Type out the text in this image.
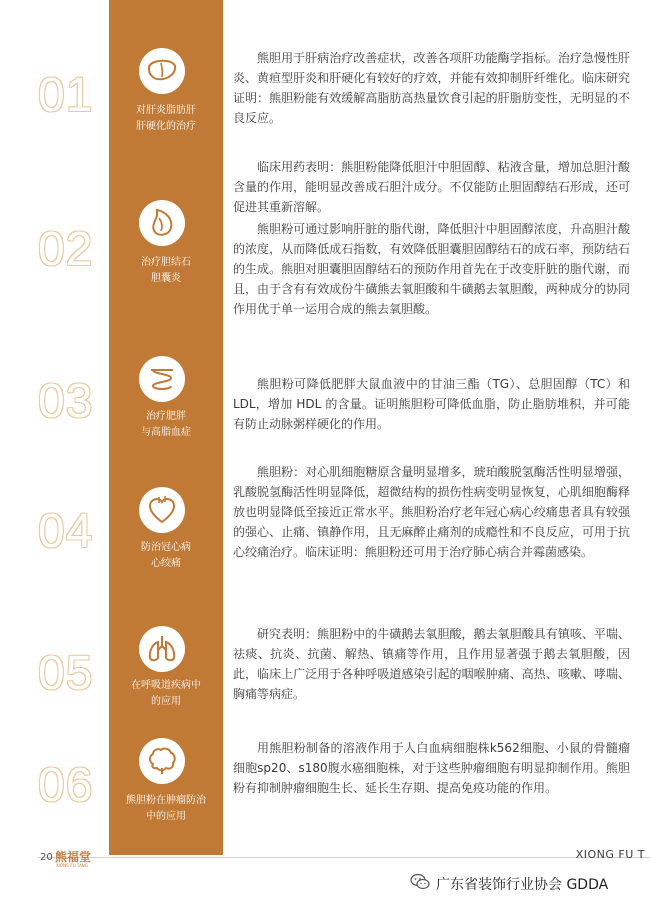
01	对肝炎脂肪肝
肝硬化的治疗

熊胆用于肝病治疗改善症状，改善各项肝功能酶学指标。治疗急慢性肝炎、黄疸型肝炎和肝硬化有较好的疗效，并能有效抑制肝纤维化。临床研究证明：熊胆粉能有效缓解高脂肪高热量饮食引起的肝脂肪变性，无明显的不良反应。

02	治疗胆结石
胆囊炎

临床用药表明：熊胆粉能降低胆汁中胆固醇、粘液含量，增加总胆汁酸含量的作用，能明显改善成石胆汁成分。不仅能防止胆固醇结石形成，还可促进其重新溶解。

熊胆粉可通过影响肝脏的脂代谢，降低胆汁中胆固醇浓度，升高胆汁酸的浓度，从而降低成石指数，有效降低胆囊胆固醇结石的成石率，预防结石的生成。熊胆对胆囊胆固醇结石的预防作用首先在于改变肝脏的脂代谢，而且，由于含有有效成份牛磺熊去氧胆酸和牛磺鹅去氧胆酸，两种成分的协同作用优于单一运用合成的熊去氧胆酸。

03	治疗肥胖
与高脂血症

熊胆粉可降低肥胖大鼠血液中的甘油三酯（TG）、总胆固醇（TC）和 LDL，增加 HDL 的含量。证明熊胆粉可降低血脂，防止脂肪堆积，并可能有防止动脉粥样硬化的作用。

04	防治冠心病
心绞痛

熊胆粉：对心肌细胞糖原含量明显增多，琥珀酸脱氢酶活性明显增强，乳酸脱氢酶活性明显降低，超微结构的损伤性病变明显恢复，心肌细胞酶释放也明显降低至接近正常水平。熊胆粉治疗老年冠心病心绞痛患者具有较强的强心、止痛、镇静作用，且无麻醉止痛剂的成瘾性和不良反应，可用于抗心绞痛治疗。临床证明：熊胆粉还可用于治疗肺心病合并霉菌感染。

05	在呼吸道疾病中
的应用

研究表明：熊胆粉中的牛磺鹅去氧胆酸，鹅去氧胆酸具有镇咳、平喘、祛痰、抗炎、抗菌、解热、镇痛等作用，且作用显著强于鹅去氧胆酸，因此，临床上广泛用于各种呼吸道感染引起的咽喉肿痛、高热、咳嗽、哮喘、胸痛等病症。

06	熊胆粉在肿瘤防治
中的应用

用熊胆粉制备的溶液作用于人白血病细胞株k562细胞、小鼠的骨髓瘤细胞sp20、s180腹水癌细胞株，对于这些肿瘤细胞有明显抑制作用。熊胆粉有抑制肿瘤细胞生长、延长生存期、提高免疫功能的作用。

20 熊福堂
XIONG FU TANG
XIONG FU T
广东省装饰行业协会 GDDA
